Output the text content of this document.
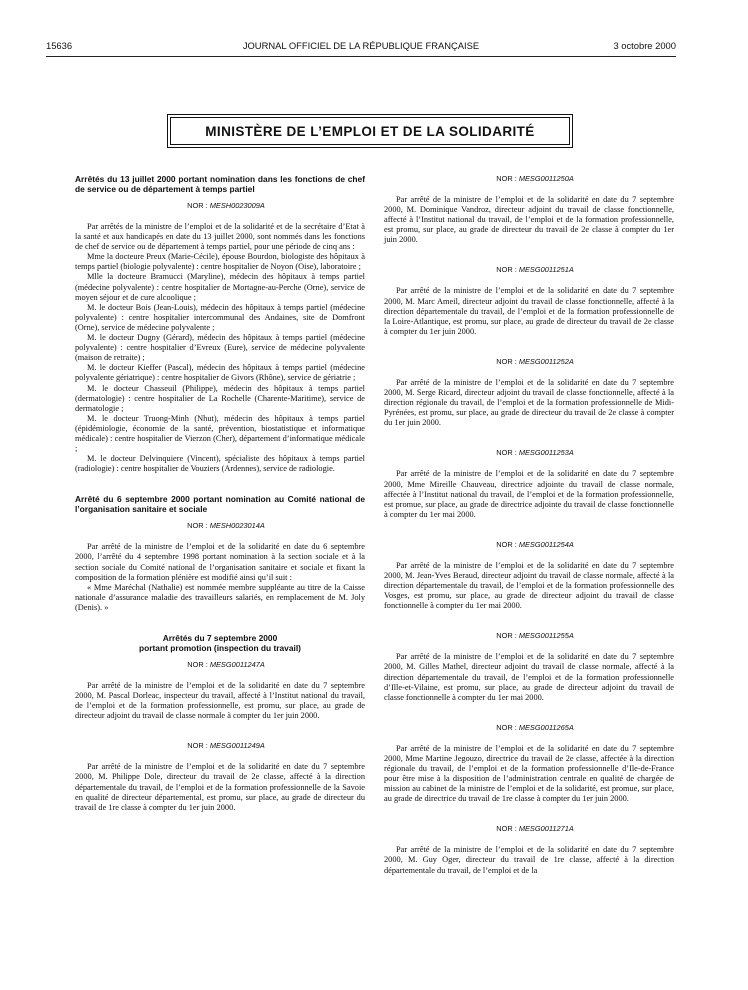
15636	JOURNAL OFFICIEL DE LA RÉPUBLIQUE FRANÇAISE	3 octobre 2000
MINISTÈRE DE L’EMPLOI ET DE LA SOLIDARITÉ
Arrêtés du 13 juillet 2000 portant nomination dans les fonctions de chef de service ou de département à temps partiel

NOR : MESH0023009A

Par arrêtés de la ministre de l’emploi et de la solidarité et de la secrétaire d’Etat à la santé et aux handicapés en date du 13 juillet 2000, sont nommés dans les fonctions de chef de service ou de département à temps partiel, pour une période de cinq ans :

Mme la docteure Preux (Marie-Cécile), épouse Bourdon, biologiste des hôpitaux à temps partiel (biologie polyvalente) : centre hospitalier de Noyon (Oise), laboratoire ;

Mlle la docteure Bramucci (Maryline), médecin des hôpitaux à temps partiel (médecine polyvalente) : centre hospitalier de Mortagne-au-Perche (Orne), service de moyen séjour et de cure alcoolique ;

M. le docteur Bois (Jean-Louis), médecin des hôpitaux à temps partiel (médecine polyvalente) : centre hospitalier intercommunal des Andaines, site de Domfront (Orne), service de médecine polyvalente ;

M. le docteur Dugny (Gérard), médecin des hôpitaux à temps partiel (médecine polyvalente) : centre hospitalier d’Evreux (Eure), service de médecine polyvalente (maison de retraite) ;

M. le docteur Kieffer (Pascal), médecin des hôpitaux à temps partiel (médecine polyvalente gériatrique) : centre hospitalier de Givors (Rhône), service de gériatrie ;

M. le docteur Chasseuil (Philippe), médecin des hôpitaux à temps partiel (dermatologie) : centre hospitalier de La Rochelle (Charente-Maritime), service de dermatologie ;

M. le docteur Truong-Minh (Nhut), médecin des hôpitaux à temps partiel (épidémiologie, économie de la santé, prévention, biostatistique et informatique médicale) : centre hospitalier de Vierzon (Cher), département d’informatique médicale ;

M. le docteur Delvinquiere (Vincent), spécialiste des hôpitaux à temps partiel (radiologie) : centre hospitalier de Vouziers (Ardennes), service de radiologie.

Arrêté du 6 septembre 2000 portant nomination au Comité national de l’organisation sanitaire et sociale

NOR : MESH0023014A

Par arrêté de la ministre de l’emploi et de la solidarité en date du 6 septembre 2000, l’arrêté du 4 septembre 1998 portant nomination à la section sociale et à la section sociale du Comité national de l’organisation sanitaire et sociale et fixant la composition de la formation plénière est modifié ainsi qu’il suit :

« Mme Maréchal (Nathalie) est nommée membre suppléante au titre de la Caisse nationale d’assurance maladie des travailleurs salariés, en remplacement de M. Joly (Denis). »

Arrêtés du 7 septembre 2000
portant promotion (inspection du travail)

NOR : MESG0011247A

Par arrêté de la ministre de l’emploi et de la solidarité en date du 7 septembre 2000, M. Pascal Dorleac, inspecteur du travail, affecté à l’Institut national du travail, de l’emploi et de la formation professionnelle, est promu, sur place, au grade de directeur adjoint du travail de classe normale à compter du 1er juin 2000.

NOR : MESG0011249A

Par arrêté de la ministre de l’emploi et de la solidarité en date du 7 septembre 2000, M. Philippe Dole, directeur du travail de 2e classe, affecté à la direction départementale du travail, de l’emploi et de la formation professionnelle de la Savoie en qualité de directeur départemental, est promu, sur place, au grade de directeur du travail de 1re classe à compter du 1er juin 2000.

NOR : MESG0011250A

Par arrêté de la ministre de l’emploi et de la solidarité en date du 7 septembre 2000, M. Dominique Vandroz, directeur adjoint du travail de classe fonctionnelle, affecté à l’Institut national du travail, de l’emploi et de la formation professionnelle, est promu, sur place, au grade de directeur du travail de 2e classe à compter du 1er juin 2000.

NOR : MESG0011251A

Par arrêté de la ministre de l’emploi et de la solidarité en date du 7 septembre 2000, M. Marc Ameil, directeur adjoint du travail de classe fonctionnelle, affecté à la direction départementale du travail, de l’emploi et de la formation professionnelle de la Loire-Atlantique, est promu, sur place, au grade de directeur du travail de 2e classe à compter du 1er juin 2000.

NOR : MESG0011252A

Par arrêté de la ministre de l’emploi et de la solidarité en date du 7 septembre 2000, M. Serge Ricard, directeur adjoint du travail de classe fonctionnelle, affecté à la direction régionale du travail, de l’emploi et de la formation professionnelle de Midi-Pyrénées, est promu, sur place, au grade de directeur du travail de 2e classe à compter du 1er juin 2000.

NOR : MESG0011253A

Par arrêté de la ministre de l’emploi et de la solidarité en date du 7 septembre 2000, Mme Mireille Chauveau, directrice adjointe du travail de classe normale, affectée à l’Institut national du travail, de l’emploi et de la formation professionnelle, est promue, sur place, au grade de directrice adjointe du travail de classe fonctionnelle à compter du 1er mai 2000.

NOR : MESG0011254A

Par arrêté de la ministre de l’emploi et de la solidarité en date du 7 septembre 2000, M. Jean-Yves Beraud, directeur adjoint du travail de classe normale, affecté à la direction départementale du travail, de l’emploi et de la formation professionnelle des Vosges, est promu, sur place, au grade de directeur adjoint du travail de classe fonctionnelle à compter du 1er mai 2000.

NOR : MESG0011255A

Par arrêté de la ministre de l’emploi et de la solidarité en date du 7 septembre 2000, M. Gilles Mathel, directeur adjoint du travail de classe normale, affecté à la direction départementale du travail, de l’emploi et de la formation professionnelle d’Ille-et-Vilaine, est promu, sur place, au grade de directeur adjoint du travail de classe fonctionnelle à compter du 1er mai 2000.

NOR : MESG0011265A

Par arrêté de la ministre de l’emploi et de la solidarité en date du 7 septembre 2000, Mme Martine Jegouzo, directrice du travail de 2e classe, affectée à la direction régionale du travail, de l’emploi et de la formation professionnelle d’Ile-de-France pour être mise à la disposition de l’administration centrale en qualité de chargée de mission au cabinet de la ministre de l’emploi et de la solidarité, est promue, sur place, au grade de directrice du travail de 1re classe à compter du 1er juin 2000.

NOR : MESG0011271A

Par arrêté de la ministre de l’emploi et de la solidarité en date du 7 septembre 2000, M. Guy Oger, directeur du travail de 1re classe, affecté à la direction départementale du travail, de l’emploi et de la
